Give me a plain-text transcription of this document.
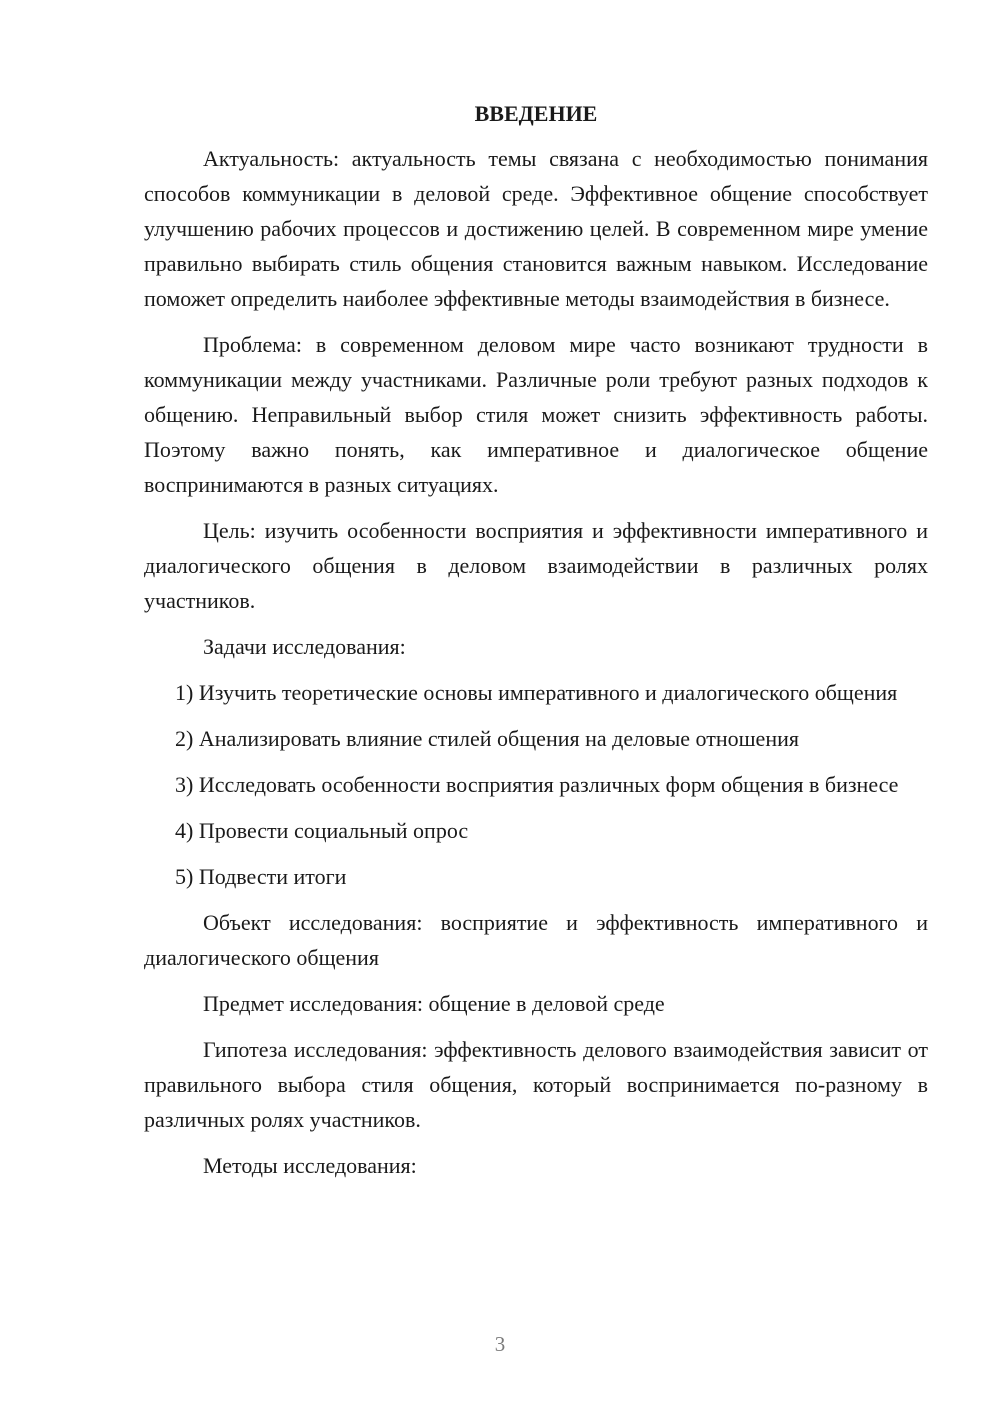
ВВЕДЕНИЕ

Актуальность: актуальность темы связана с необходимостью понимания способов коммуникации в деловой среде. Эффективное общение способствует улучшению рабочих процессов и достижению целей. В современном мире умение правильно выбирать стиль общения становится важным навыком. Исследование поможет определить наиболее эффективные методы взаимодействия в бизнесе.

Проблема: в современном деловом мире часто возникают трудности в коммуникации между участниками. Различные роли требуют разных подходов к общению. Неправильный выбор стиля может снизить эффективность работы. Поэтому важно понять, как императивное и диалогическое общение воспринимаются в разных ситуациях.

Цель: изучить особенности восприятия и эффективности императивного и диалогического общения в деловом взаимодействии в различных ролях участников.

Задачи исследования:

1) Изучить теоретические основы императивного и диалогического общения

2) Анализировать влияние стилей общения на деловые отношения

3) Исследовать особенности восприятия различных форм общения в бизнесе

4) Провести социальный опрос

5) Подвести итоги

Объект исследования: восприятие и эффективность императивного и диалогического общения

Предмет исследования: общение в деловой среде

Гипотеза исследования: эффективность делового взаимодействия зависит от правильного выбора стиля общения, который воспринимается по-разному в различных ролях участников.

Методы исследования:

3
